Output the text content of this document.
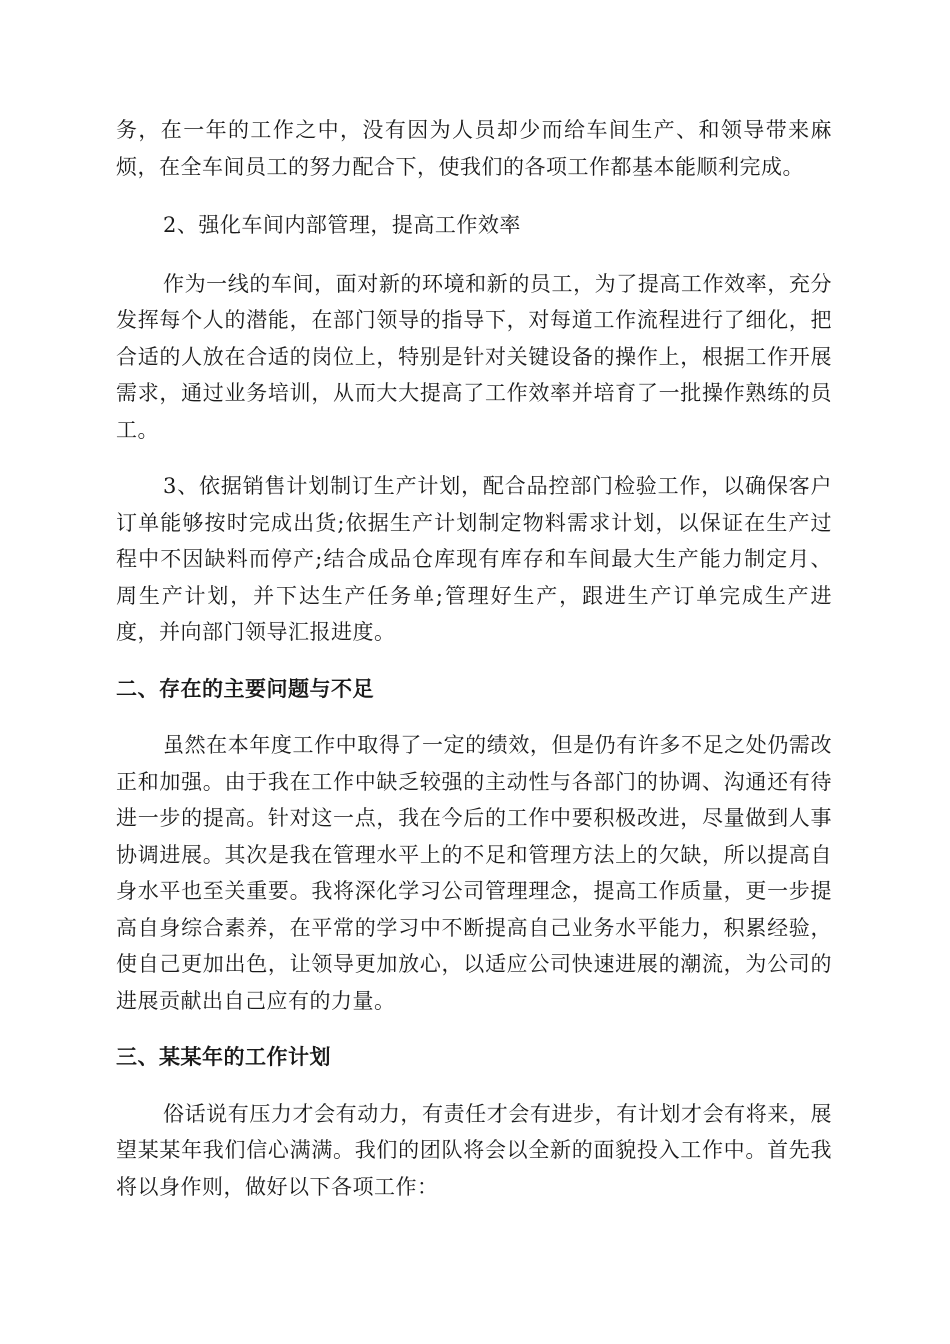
务，在一年的工作之中，没有因为人员却少而给车间生产、和领导带来麻烦，在全车间员工的努力配合下，使我们的各项工作都基本能顺利完成。

2、强化车间内部管理，提高工作效率

作为一线的车间，面对新的环境和新的员工，为了提高工作效率，充分发挥每个人的潜能，在部门领导的指导下，对每道工作流程进行了细化，把合适的人放在合适的岗位上，特别是针对关键设备的操作上，根据工作开展需求，通过业务培训，从而大大提高了工作效率并培育了一批操作熟练的员工。

3、依据销售计划制订生产计划，配合品控部门检验工作，以确保客户订单能够按时完成出货;依据生产计划制定物料需求计划，以保证在生产过程中不因缺料而停产;结合成品仓库现有库存和车间最大生产能力制定月、周生产计划，并下达生产任务单;管理好生产，跟进生产订单完成生产进度，并向部门领导汇报进度。

二、存在的主要问题与不足

虽然在本年度工作中取得了一定的绩效，但是仍有许多不足之处仍需改正和加强。由于我在工作中缺乏较强的主动性与各部门的协调、沟通还有待进一步的提高。针对这一点，我在今后的工作中要积极改进，尽量做到人事协调进展。其次是我在管理水平上的不足和管理方法上的欠缺，所以提高自身水平也至关重要。我将深化学习公司管理理念，提高工作质量，更一步提高自身综合素养，在平常的学习中不断提高自己业务水平能力，积累经验，使自己更加出色，让领导更加放心，以适应公司快速进展的潮流，为公司的进展贡献出自己应有的力量。

三、某某年的工作计划

俗话说有压力才会有动力，有责任才会有进步，有计划才会有将来，展望某某年我们信心满满。我们的团队将会以全新的面貌投入工作中。首先我将以身作则，做好以下各项工作：
